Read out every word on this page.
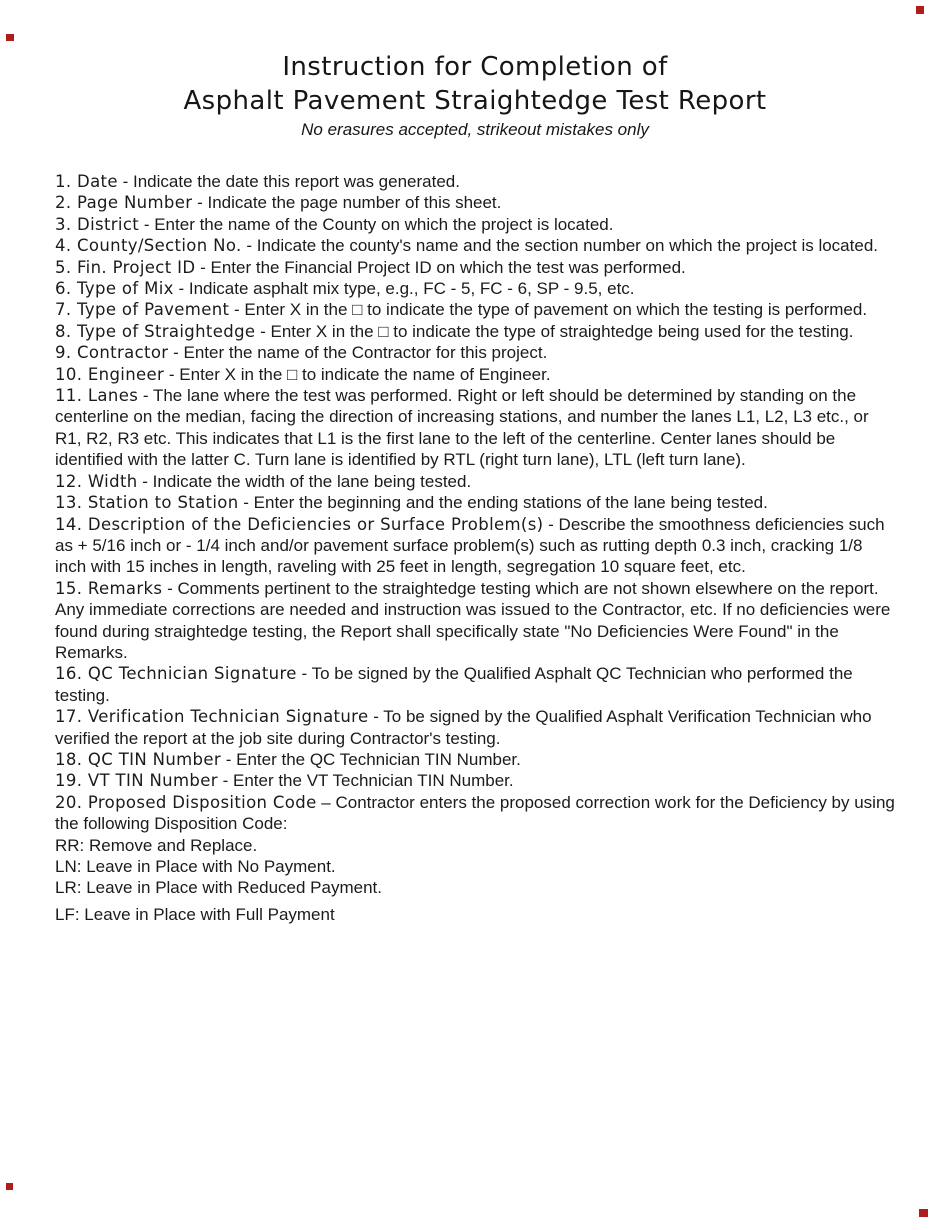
Instruction for Completion of
Asphalt Pavement Straightedge Test Report
No erasures accepted, strikeout mistakes only

1. Date - Indicate the date this report was generated.

2. Page Number - Indicate the page number of this sheet.

3. District - Enter the name of the County on which the project is located.

4. County/Section No. - Indicate the county's name and the section number on which the project is located.

5. Fin. Project ID - Enter the Financial Project ID on which the test was performed.

6. Type of Mix - Indicate asphalt mix type, e.g., FC - 5, FC - 6, SP - 9.5, etc.

7. Type of Pavement - Enter X in the □ to indicate the type of pavement on which the testing is performed.

8. Type of Straightedge - Enter X in the □ to indicate the type of straightedge being used for the testing.

9. Contractor - Enter the name of the Contractor for this project.

10. Engineer - Enter X in the □ to indicate the name of Engineer.

11. Lanes - The lane where the test was performed. Right or left should be determined by standing on the centerline on the median, facing the direction of increasing stations, and number the lanes L1, L2, L3 etc., or R1, R2, R3 etc. This indicates that L1 is the first lane to the left of the centerline. Center lanes should be identified with the latter C. Turn lane is identified by RTL (right turn lane), LTL (left turn lane).

12. Width - Indicate the width of the lane being tested.

13. Station to Station - Enter the beginning and the ending stations of the lane being tested.

14. Description of the Deficiencies or Surface Problem(s) - Describe the smoothness deficiencies such as + 5/16 inch or - 1/4 inch and/or pavement surface problem(s) such as rutting depth 0.3 inch, cracking 1/8 inch with 15 inches in length, raveling with 25 feet in length, segregation 10 square feet, etc.

15. Remarks - Comments pertinent to the straightedge testing which are not shown elsewhere on the report. Any immediate corrections are needed and instruction was issued to the Contractor, etc. If no deficiencies were found during straightedge testing, the Report shall specifically state "No Deficiencies Were Found" in the Remarks.

16. QC Technician Signature - To be signed by the Qualified Asphalt QC Technician who performed the testing.

17. Verification Technician Signature - To be signed by the Qualified Asphalt Verification Technician who verified the report at the job site during Contractor's testing.

18. QC TIN Number - Enter the QC Technician TIN Number.

19. VT TIN Number - Enter the VT Technician TIN Number.

20. Proposed Disposition Code – Contractor enters the proposed correction work for the Deficiency by using the following Disposition Code:

RR: Remove and Replace.

LN: Leave in Place with No Payment.

LR: Leave in Place with Reduced Payment.

LF: Leave in Place with Full Payment
